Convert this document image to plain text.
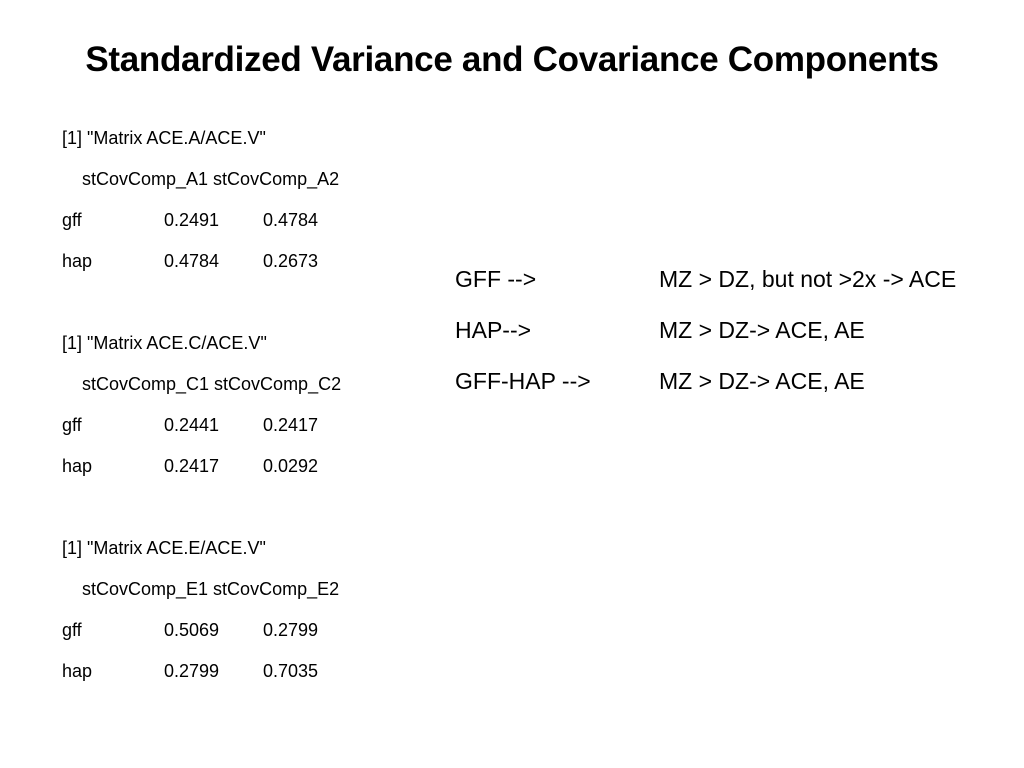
Standardized Variance and Covariance Components
[1] "Matrix ACE.A/ACE.V"
stCovComp_A1 stCovComp_A2
gff	0.2491	0.4784
hap	0.4784	0.2673
[1] "Matrix ACE.C/ACE.V"
stCovComp_C1 stCovComp_C2
gff	0.2441	0.2417
hap	0.2417	0.0292
[1] "Matrix ACE.E/ACE.V"
stCovComp_E1 stCovComp_E2
gff	0.5069	0.2799
hap	0.2799	0.7035
GFF -->	MZ > DZ, but not >2x -> ACE
HAP-->	MZ > DZ-> ACE, AE
GFF-HAP -->	MZ > DZ-> ACE, AE
